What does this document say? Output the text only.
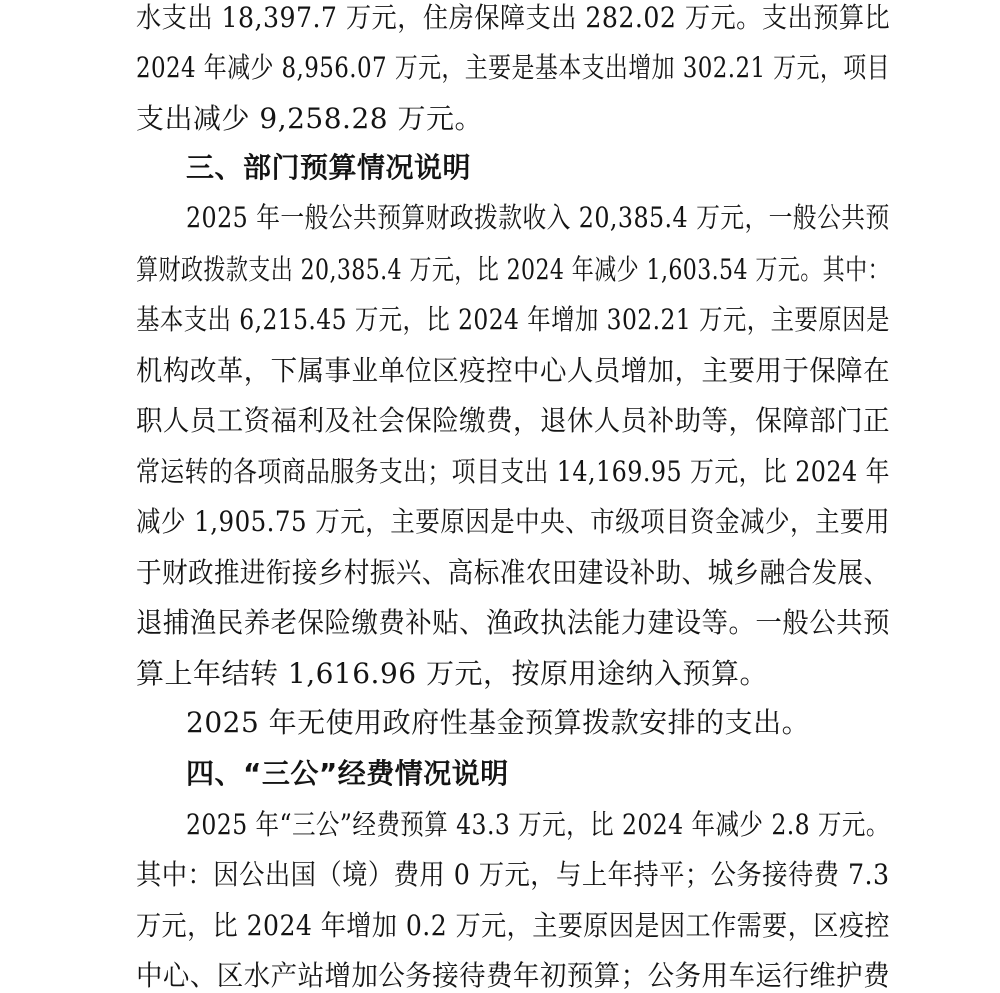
水支出 18,397.7 万元，住房保障支出 282.02 万元。支出预算比
2024 年减少 8,956.07 万元，主要是基本支出增加 302.21 万元，项目
支出减少 9,258.28 万元。
三、部门预算情况说明
2025 年一般公共预算财政拨款收入 20,385.4 万元，一般公共预
算财政拨款支出 20,385.4 万元，比 2024 年减少 1,603.54 万元。其中：
基本支出 6,215.45 万元，比 2024 年增加 302.21 万元，主要原因是
机构改革，下属事业单位区疫控中心人员增加，主要用于保障在
职人员工资福利及社会保险缴费，退休人员补助等，保障部门正
常运转的各项商品服务支出；项目支出 14,169.95 万元，比 2024 年
减少 1,905.75 万元，主要原因是中央、市级项目资金减少，主要用
于财政推进衔接乡村振兴、高标准农田建设补助、城乡融合发展、
退捕渔民养老保险缴费补贴、渔政执法能力建设等。一般公共预
算上年结转 1,616.96 万元，按原用途纳入预算。
2025 年无使用政府性基金预算拨款安排的支出。
四、“三公”经费情况说明
2025 年“三公”经费预算 43.3 万元，比 2024 年减少 2.8 万元。
其中：因公出国（境）费用 0 万元，与上年持平；公务接待费 7.3
万元，比 2024 年增加 0.2 万元，主要原因是因工作需要，区疫控
中心、区水产站增加公务接待费年初预算；公务用车运行维护费
